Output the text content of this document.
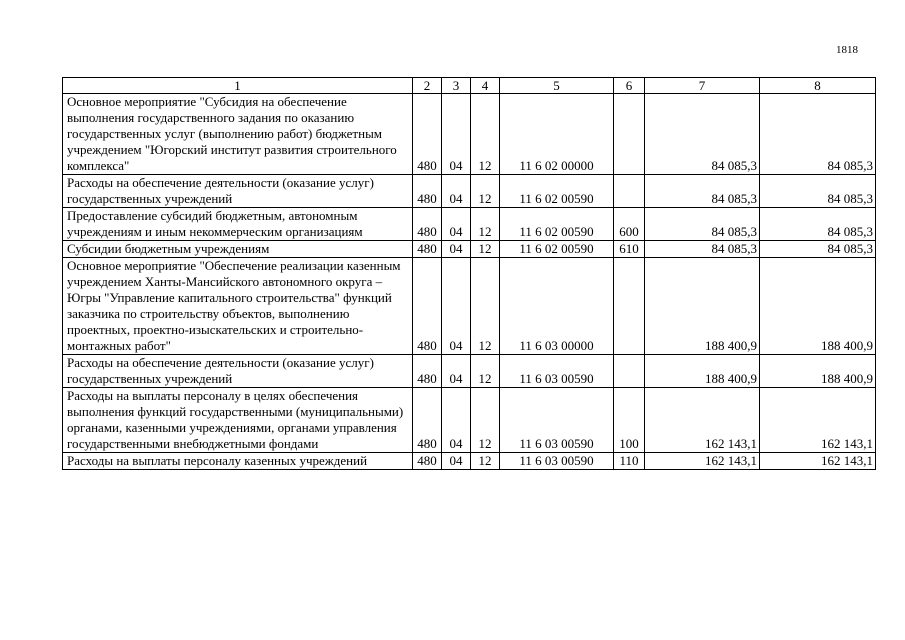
1818
1	2	3	4	5	6	7	8
Основное мероприятие "Субсидия на обеспечение выполнения государственного задания по оказанию государственных услуг (выполнению работ) бюджетным учреждением "Югорский институт развития строительного комплекса"	480	04	12	11 6 02 00000		84 085,3	84 085,3
Расходы на обеспечение деятельности (оказание услуг) государственных учреждений	480	04	12	11 6 02 00590		84 085,3	84 085,3
Предоставление субсидий бюджетным, автономным учреждениям и иным некоммерческим организациям	480	04	12	11 6 02 00590	600	84 085,3	84 085,3
Субсидии бюджетным учреждениям	480	04	12	11 6 02 00590	610	84 085,3	84 085,3
Основное мероприятие "Обеспечение реализации казенным учреждением Ханты-Мансийского автономного округа – Югры "Управление капитального строительства" функций заказчика по строительству объектов, выполнению проектных, проектно-изыскательских и строительно-монтажных работ"	480	04	12	11 6 03 00000		188 400,9	188 400,9
Расходы на обеспечение деятельности (оказание услуг) государственных учреждений	480	04	12	11 6 03 00590		188 400,9	188 400,9
Расходы на выплаты персоналу в целях обеспечения выполнения функций государственными (муниципальными) органами, казенными учреждениями, органами управления государственными внебюджетными фондами	480	04	12	11 6 03 00590	100	162 143,1	162 143,1
Расходы на выплаты персоналу казенных учреждений	480	04	12	11 6 03 00590	110	162 143,1	162 143,1
